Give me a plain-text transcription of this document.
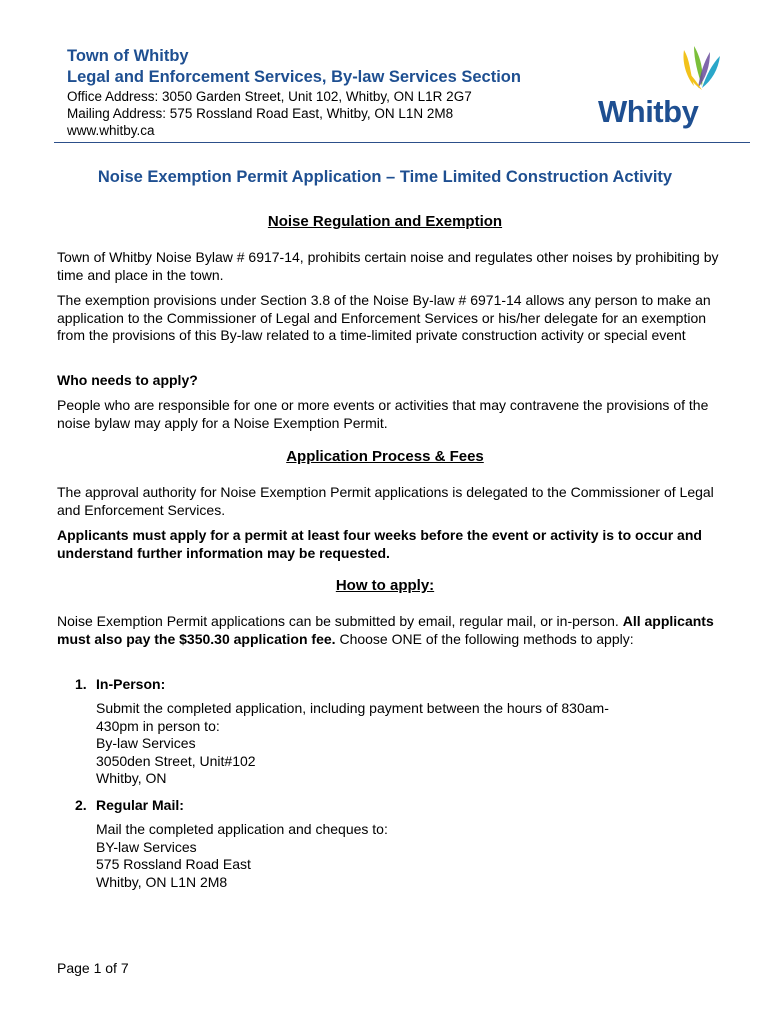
Town of Whitby
Legal and Enforcement Services, By-law Services Section
Office Address: 3050 Garden Street, Unit 102, Whitby, ON L1R 2G7
Mailing Address: 575 Rossland Road East, Whitby, ON L1N 2M8
www.whitby.ca
Whitby
Noise Exemption Permit Application – Time Limited Construction Activity
Noise Regulation and Exemption
Town of Whitby Noise Bylaw # 6917-14, prohibits certain noise and regulates other noises by prohibiting by time and place in the town.
The exemption provisions under Section 3.8 of the Noise By-law # 6971-14 allows any person to make an application to the Commissioner of Legal and Enforcement Services or his/her delegate for an exemption from the provisions of this By-law related to a time-limited private construction activity or special event
Who needs to apply?
People who are responsible for one or more events or activities that may contravene the provisions of the noise bylaw may apply for a Noise Exemption Permit.
Application Process & Fees
The approval authority for Noise Exemption Permit applications is delegated to the Commissioner of Legal and Enforcement Services.
Applicants must apply for a permit at least four weeks before the event or activity is to occur and understand further information may be requested.
How to apply:
Noise Exemption Permit applications can be submitted by email, regular mail, or in-person. All applicants must also pay the $350.30 application fee. Choose ONE of the following methods to apply:
1. In-Person:
Submit the completed application, including payment between the hours of 830am-
430pm in person to:
By-law Services
3050den Street, Unit#102
Whitby, ON
2. Regular Mail:
Mail the completed application and cheques to:
BY-law Services
575 Rossland Road East
Whitby, ON L1N 2M8
Page 1 of 7
